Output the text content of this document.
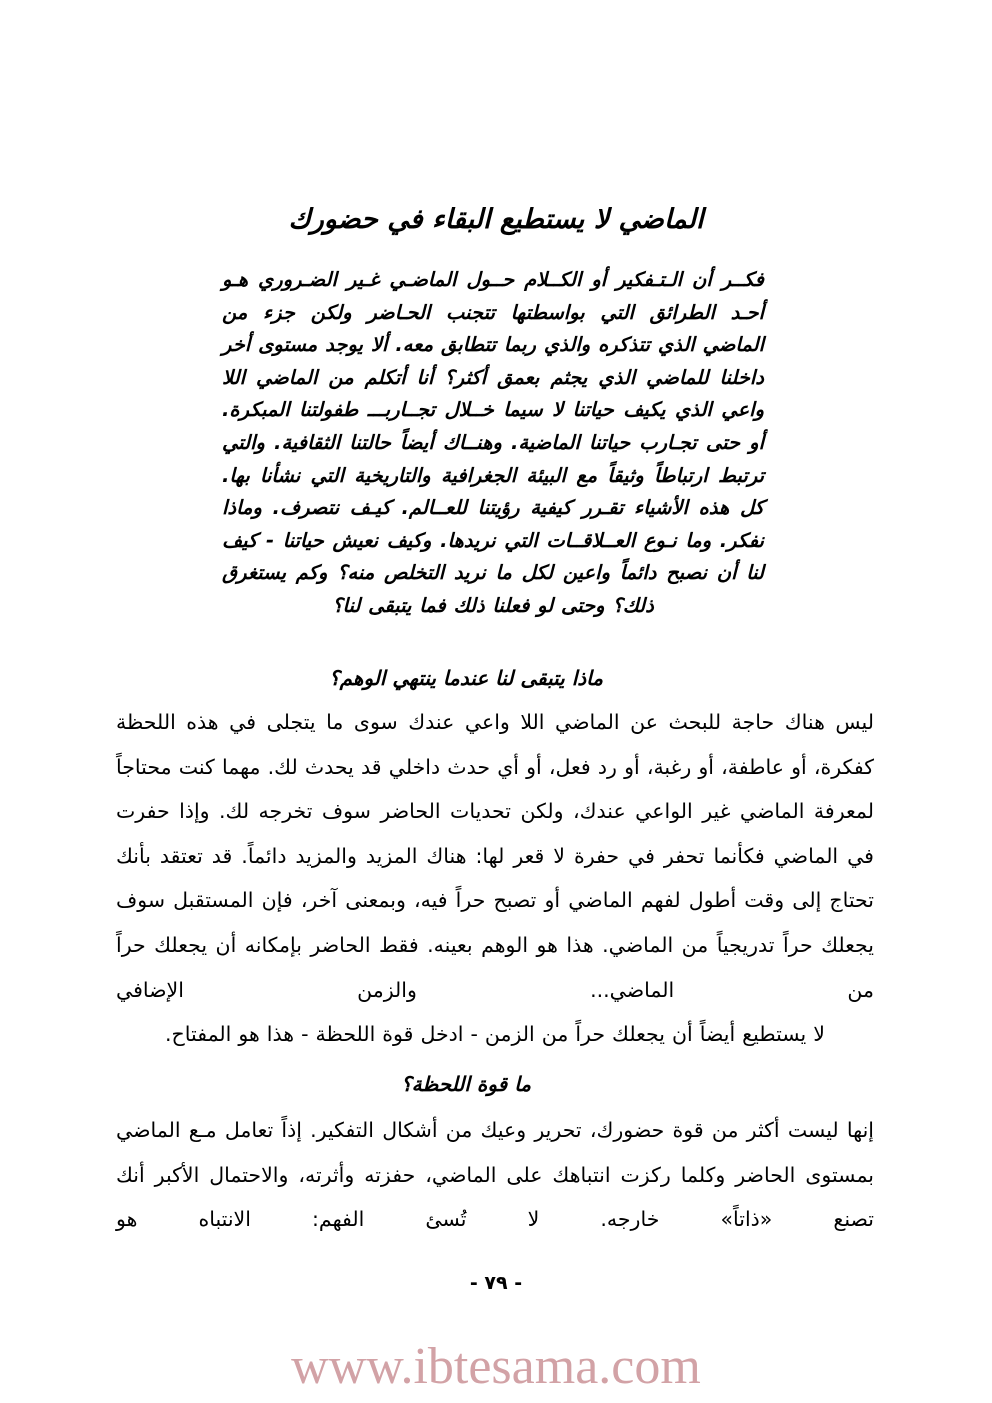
الماضي لا يستطيع البقاء في حضورك
فكــر أن الـتـفكير أو الكــلام حــول الماضـي غـير الضـروري هـو أحـد الطرائق التي بواسطتها تتجنب الحـاضر ولكن جزء من الماضي الذي تتذكره والذي ربما تتطابق معه. ألا يوجد مستوى أخر داخلنا للماضي الذي يجثم بعمق أكثر؟ أنا أتكلم من الماضي اللا واعي الذي يكيف حياتنا لا سيما خــلال تجــاربـــ طفولتنا المبكرة. أو حتى تجـارب حياتنا الماضية. وهنــاك أيضاً حالتنا الثقافية. والتي ترتبط ارتباطاً وثيقاً مع البيئة الجغرافية والتاريخية التي نشأنا بها. كل هذه الأشياء تقـرر كيفية رؤيتنا للعــالم. كيـف نتصرف. وماذا نفكر. وما نـوع العــلاقــات التي نريدها. وكيف نعيش حياتنا - كيف لنا أن نصبح دائماً واعين لكل ما نريد التخلص منه؟ وكم يستغرق ذلك؟ وحتى لو فعلنا ذلك فما يتبقى لنا؟
ماذا يتبقى لنا عندما ينتهي الوهم؟
ليس هناك حاجة للبحث عن الماضي اللا واعي عندك سوى ما يتجلى في هذه اللحظة كفكرة، أو عاطفة، أو رغبة، أو رد فعل، أو أي حدث داخلي قد يحدث لك. مهما كنت محتاجاً لمعرفة الماضي غير الواعي عندك، ولكن تحديات الحاضر سوف تخرجه لك. وإذا حفرت في الماضي فكأنما تحفر في حفرة لا قعر لها: هناك المزيد والمزيد دائماً. قد تعتقد بأنك تحتاج إلى وقت أطول لفهم الماضي أو تصبح حراً فيه، وبمعنى آخر، فإن المستقبل سوف يجعلك حراً تدريجياً من الماضي. هذا هو الوهم بعينه. فقط الحاضر بإمكانه أن يجعلك حراً من الماضي... والزمن الإضافي
لا يستطيع أيضاً أن يجعلك حراً من الزمن - ادخل قوة اللحظة - هذا هو المفتاح.
ما قوة اللحظة؟
إنها ليست أكثر من قوة حضورك، تحرير وعيك من أشكال التفكير. إذاً تعامل مـع الماضي بمستوى الحاضر وكلما ركزت انتباهك على الماضي، حفزته وأثرته، والاحتمال الأكبر أنك تصنع «ذاتاً» خارجه. لا تُسئ الفهم: الانتباه هو
- ٧٩ -
www.ibtesama.com
